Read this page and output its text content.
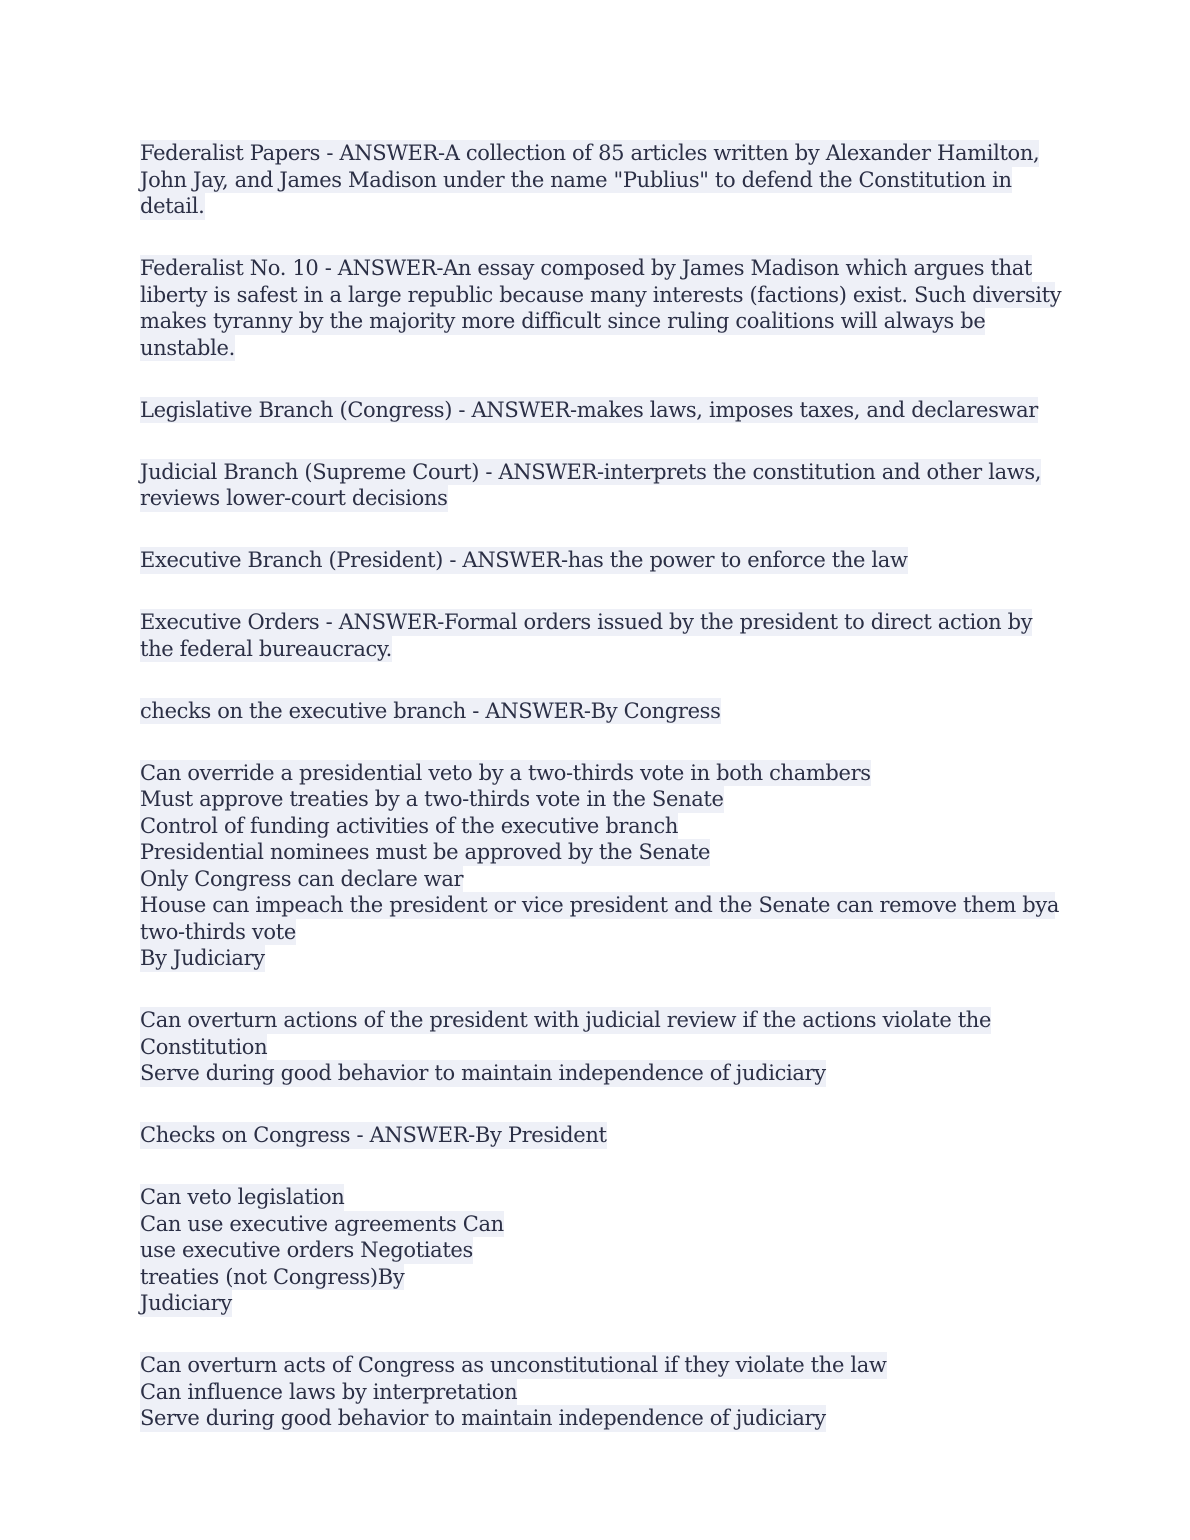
Federalist Papers - ANSWER-A collection of 85 articles written by Alexander Hamilton,
John Jay, and James Madison under the name "Publius" to defend the Constitution in
detail.
Federalist No. 10 - ANSWER-An essay composed by James Madison which argues that
liberty is safest in a large republic because many interests (factions) exist. Such diversity
makes tyranny by the majority more difficult since ruling coalitions will always be
unstable.
Legislative Branch (Congress) - ANSWER-makes laws, imposes taxes, and declareswar
Judicial Branch (Supreme Court) - ANSWER-interprets the constitution and other laws,
reviews lower-court decisions
Executive Branch (President) - ANSWER-has the power to enforce the law
Executive Orders - ANSWER-Formal orders issued by the president to direct action by
the federal bureaucracy.
checks on the executive branch - ANSWER-By Congress
Can override a presidential veto by a two-thirds vote in both chambers
Must approve treaties by a two-thirds vote in the Senate
Control of funding activities of the executive branch
Presidential nominees must be approved by the Senate
Only Congress can declare war
House can impeach the president or vice president and the Senate can remove them bya
two-thirds vote
By Judiciary
Can overturn actions of the president with judicial review if the actions violate the
Constitution
Serve during good behavior to maintain independence of judiciary
Checks on Congress - ANSWER-By President
Can veto legislation
Can use executive agreements Can
use executive orders Negotiates
treaties (not Congress)By
Judiciary
Can overturn acts of Congress as unconstitutional if they violate the law
Can influence laws by interpretation
Serve during good behavior to maintain independence of judiciary
